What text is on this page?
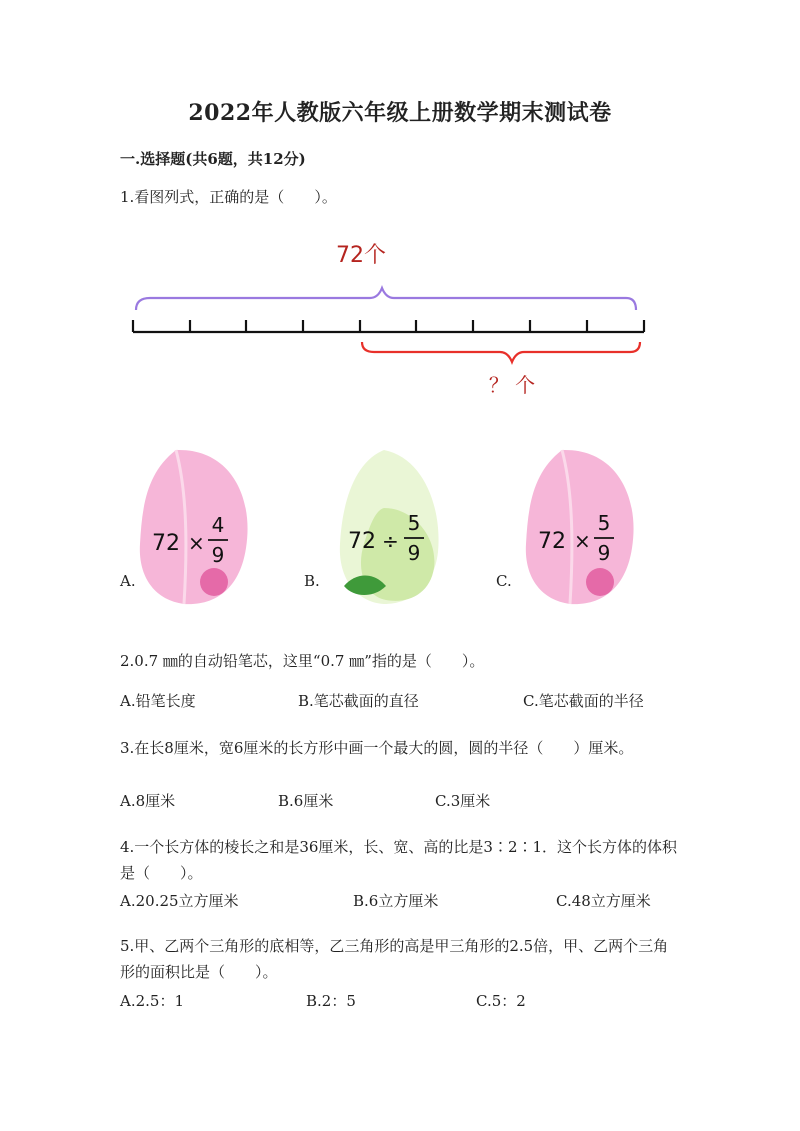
2022年人教版六年级上册数学期末测试卷
一.选择题(共6题，共12分)
1.看图列式，正确的是（　　）。
72个
？ 个
A.
72 ×
4
9
B.
72 ÷
5
9
C.
72 ×
5
9
2.0.7 ㎜的自动铅笔芯，这里“0.7 ㎜”指的是（　　）。
A.铅笔长度	B.笔芯截面的直径	C.笔芯截面的半径
3.在长8厘米，宽6厘米的长方形中画一个最大的圆，圆的半径（　　）厘米。
A.8厘米	B.6厘米	C.3厘米
4.一个长方体的棱长之和是36厘米，长、宽、高的比是3∶2∶1．这个长方体的体积是（　　）。
A.20.25立方厘米	B.6立方厘米	C.48立方厘米
5.甲、乙两个三角形的底相等，乙三角形的高是甲三角形的2.5倍，甲、乙两个三角形的面积比是（　　）。
A.2.5：1	B.2：5	C.5：2
